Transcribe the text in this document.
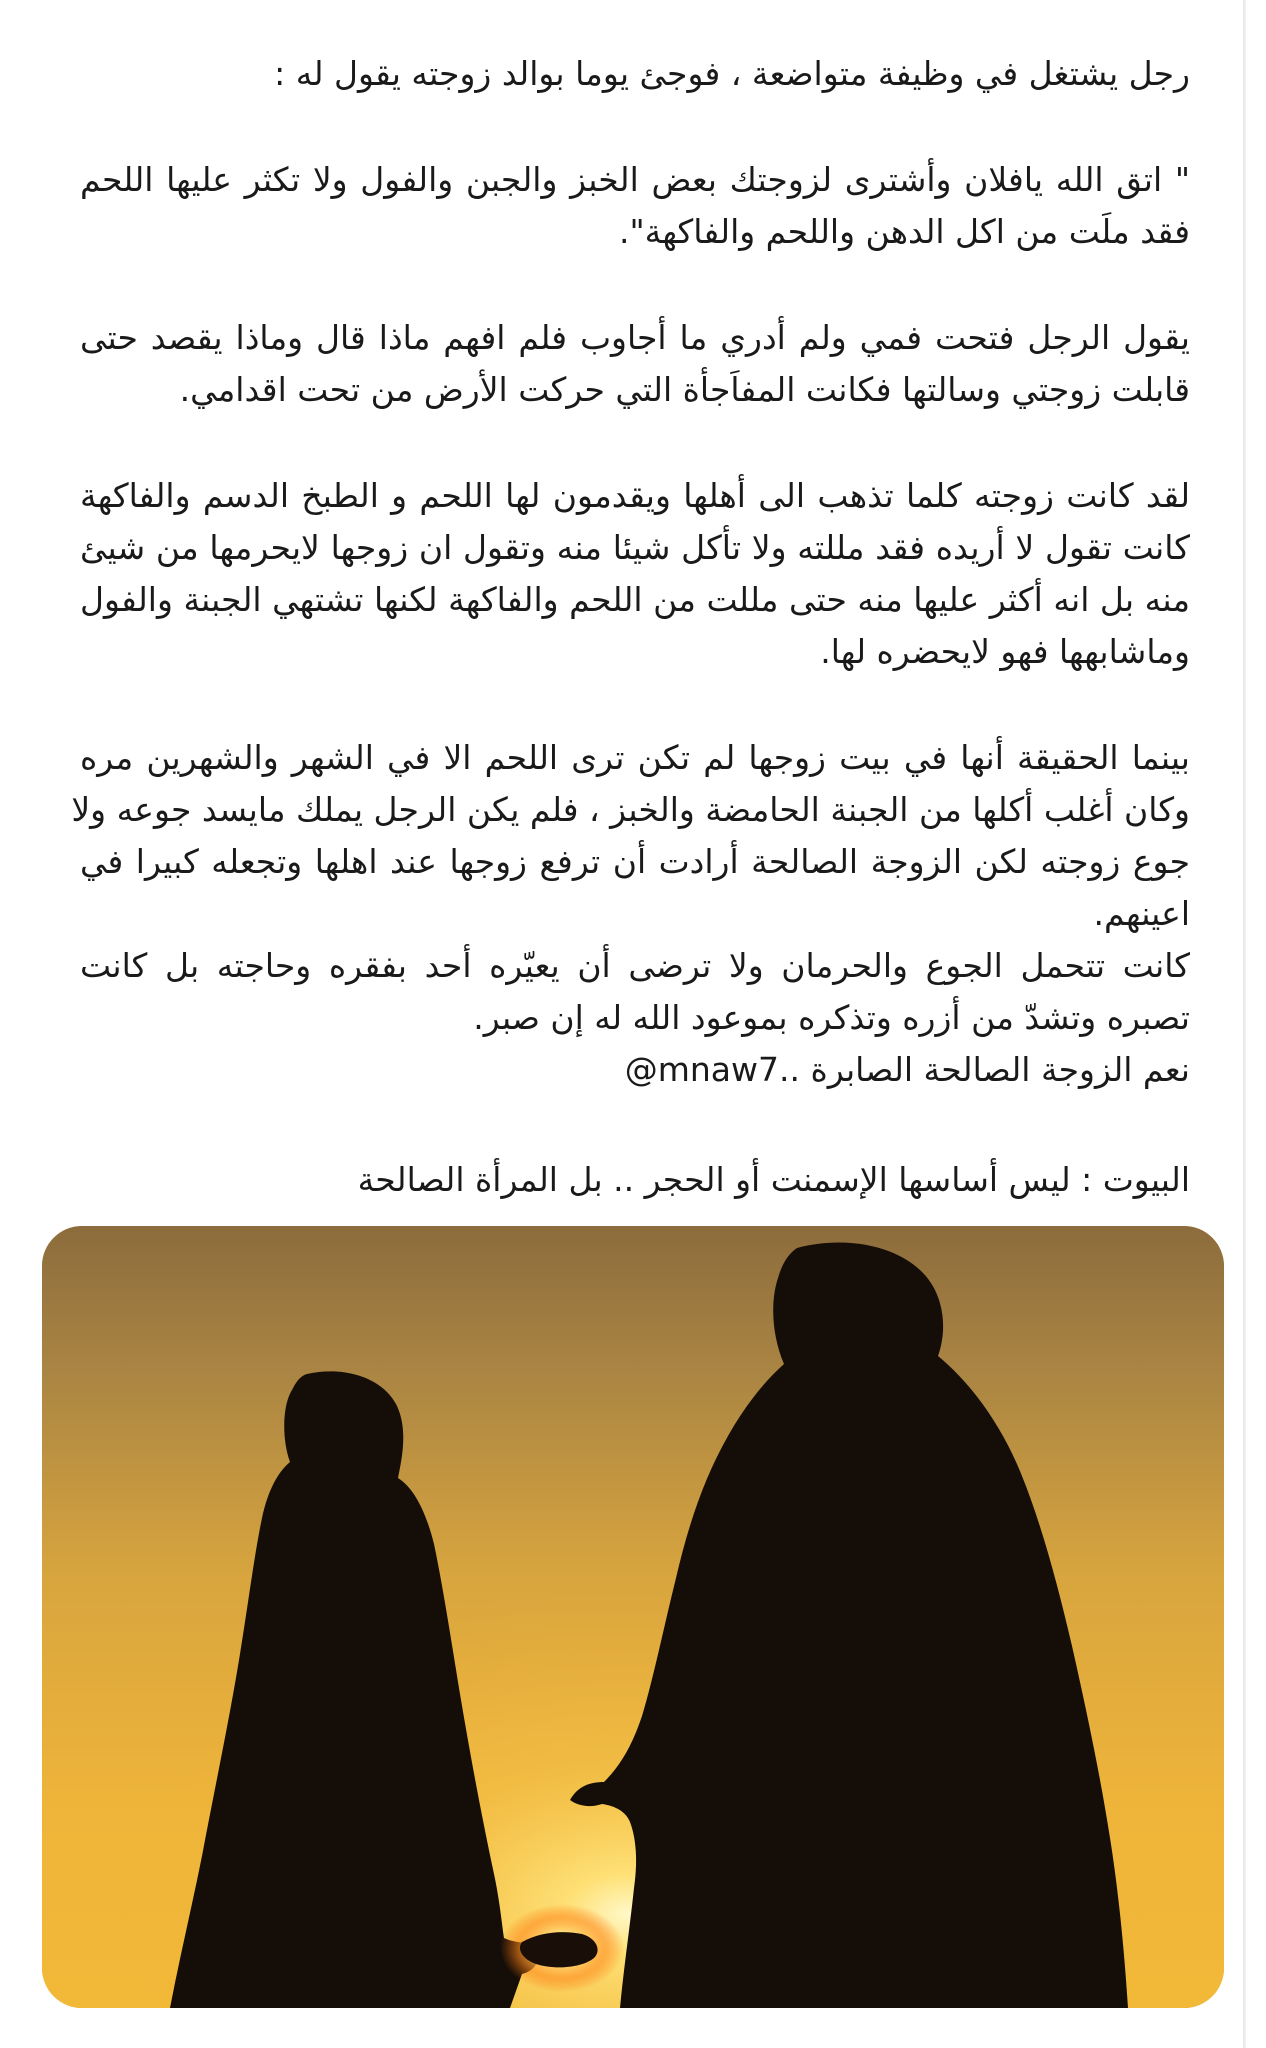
رجل يشتغل في وظيفة متواضعة ، فوجئ يوما بوالد زوجته يقول له :
" اتق الله يافلان وأشترى لزوجتك بعض الخبز والجبن والفول ولا تكثر عليها اللحم
فقد ملَت من اكل الدهن واللحم والفاكهة".
يقول الرجل فتحت فمي ولم أدري ما أجاوب فلم افهم ماذا قال وماذا يقصد حتى
قابلت زوجتي وسالتها فكانت المفاَجأة التي حركت الأرض من تحت اقدامي.
لقد كانت زوجته كلما تذهب الى أهلها ويقدمون لها اللحم و الطبخ الدسم والفاكهة
كانت تقول لا أريده فقد مللته ولا تأكل شيئا منه وتقول ان زوجها لايحرمها من شيئ
منه بل انه أكثر عليها منه حتى مللت من اللحم والفاكهة لكنها تشتهي الجبنة والفول
وماشابهها فهو لايحضره لها.
بينما الحقيقة أنها في بيت زوجها لم تكن ترى اللحم الا في الشهر والشهرين مره
وكان أغلب أكلها من الجبنة الحامضة والخبز ، فلم يكن الرجل يملك مايسد جوعه ولا
جوع زوجته لكن الزوجة الصالحة أرادت أن ترفع زوجها عند اهلها وتجعله كبيرا في
اعينهم.
كانت تتحمل الجوع والحرمان ولا ترضى أن يعيّره أحد بفقره وحاجته بل كانت
تصبره وتشدّ من أزره وتذكره بموعود الله له إن صبر.
نعم الزوجة الصالحة الصابرة ..@mnaw7
البيوت : ليس أساسها الإسمنت أو الحجر .. بل المرأة الصالحة
